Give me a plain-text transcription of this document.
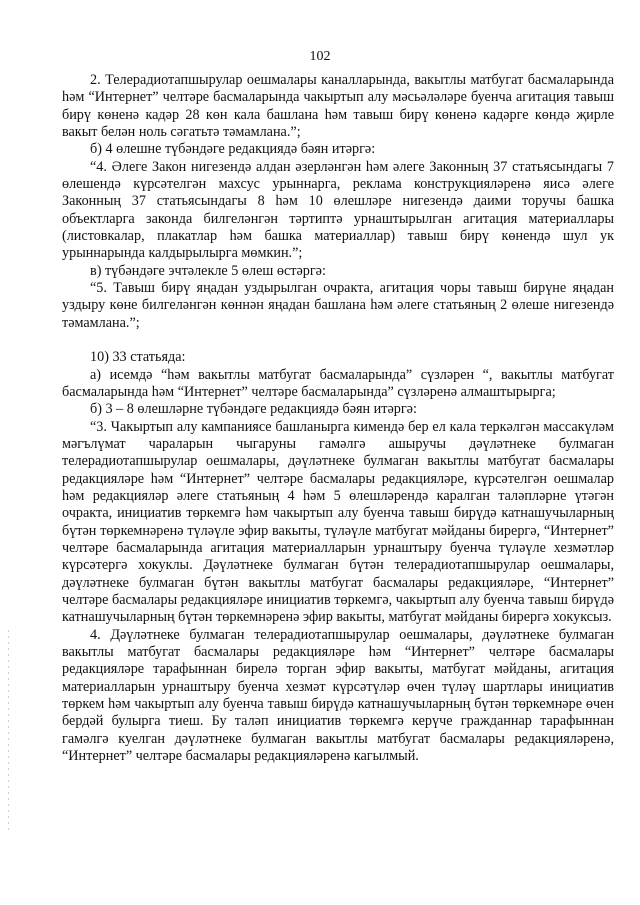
102

2. Телерадиотапшырулар оешмалары каналларында, вакытлы матбугат басмаларында һәм “Интернет” челтәре басмаларында чакыртып алу мәсьәләләре буенча агитация тавыш бирү көненә кадәр 28 көн кала башлана һәм тавыш бирү көненә кадәрге көндә җирле вакыт белән ноль сәгатьтә тәмамлана.”;

б) 4 өлешне түбәндәге редакциядә бәян итәргә:

“4. Әлеге Закон нигезендә алдан әзерләнгән һәм әлеге Законның 37 статьясындагы 7 өлешендә күрсәтелгән махсус урыннарга, реклама конструкцияләренә яисә әлеге Законның 37 статьясындагы 8 һәм 10 өлешләре нигезендә даими торучы башка объектларга законда билгеләнгән тәртиптә урнаштырылган агитация материаллары (листовкалар, плакатлар һәм башка материаллар) тавыш бирү көнендә шул ук урыннарында калдырылырга мөмкин.”;

в) түбәндәге эчтәлекле 5 өлеш өстәргә:

“5. Тавыш бирү яңадан уздырылган очракта, агитация чоры тавыш бирүне яңадан уздыру көне билгеләнгән көннән яңадан башлана һәм әлеге статьяның 2 өлеше нигезендә тәмамлана.”;

10) 33 статьяда:

а) исемдә “һәм вакытлы матбугат басмаларында” сүзләрен “, вакытлы матбугат басмаларында һәм “Интернет” челтәре басмаларында” сүзләренә алмаштырырга;

б) 3 – 8 өлешләрне түбәндәге редакциядә бәян итәргә:

“3. Чакыртып алу кампаниясе башланырга кимендә бер ел кала теркәлгән массакүләм мәгълүмат чараларын чыгаруны гамәлгә ашыручы дәүләтнеке булмаган телерадиотапшырулар оешмалары, дәүләтнеке булмаган вакытлы матбугат басмалары редакцияләре һәм “Интернет” челтәре басмалары редакцияләре, күрсәтелгән оешмалар һәм редакцияләр әлеге статьяның 4 һәм 5 өлешләрендә каралган таләпләрне үтәгән очракта, инициатив төркемгә һәм чакыртып алу буенча тавыш бирүдә катнашучыларның бүтән төркемнәренә түләүле эфир вакыты, түләүле матбугат мәйданы бирергә, “Интернет” челтәре басмаларында агитация материалларын урнаштыру буенча түләүле хезмәтләр күрсәтергә хокуклы. Дәүләтнеке булмаган бүтән телерадиотапшырулар оешмалары, дәүләтнеке булмаган бүтән вакытлы матбугат басмалары редакцияләре, “Интернет” челтәре басмалары редакцияләре инициатив төркемгә, чакыртып алу буенча тавыш бирүдә катнашучыларның бүтән төркемнәренә эфир вакыты, матбугат мәйданы бирергә хокуксыз.

4. Дәүләтнеке булмаган телерадиотапшырулар оешмалары, дәүләтнеке булмаган вакытлы матбугат басмалары редакцияләре һәм “Интернет” челтәре басмалары редакцияләре тарафыннан бирелә торган эфир вакыты, матбугат мәйданы, агитация материалларын урнаштыру буенча хезмәт күрсәтүләр өчен түләү шартлары инициатив төркем һәм чакыртып алу буенча тавыш бирүдә катнашучыларның бүтән төркемнәре өчен бердәй булырга тиеш. Бу таләп инициатив төркемгә керүче гражданнар тарафыннан гамәлгә куелган дәүләтнеке булмаган вакытлы матбугат басмалары редакцияләренә, “Интернет” челтәре басмалары редакцияләренә кагылмый.
